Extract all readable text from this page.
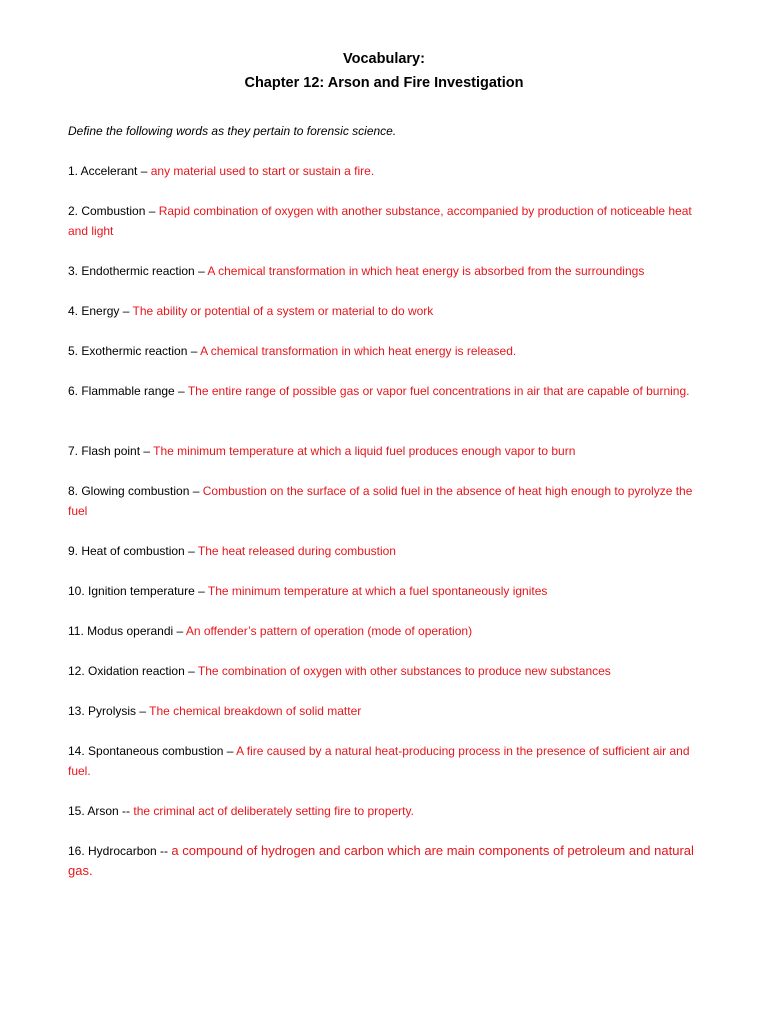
Vocabulary:
Chapter 12: Arson and Fire Investigation
Define the following words as they pertain to forensic science.
1. Accelerant – any material used to start or sustain a fire.
2. Combustion – Rapid combination of oxygen with another substance, accompanied by production of noticeable heat and light
3. Endothermic reaction – A chemical transformation in which heat energy is absorbed from the surroundings
4. Energy – The ability or potential of a system or material to do work
5. Exothermic reaction – A chemical transformation in which heat energy is released.
6. Flammable range – The entire range of possible gas or vapor fuel concentrations in air that are capable of burning.
7. Flash point – The minimum temperature at which a liquid fuel produces enough vapor to burn
8. Glowing combustion – Combustion on the surface of a solid fuel in the absence of heat high enough to pyrolyze the fuel
9. Heat of combustion – The heat released during combustion
10. Ignition temperature – The minimum temperature at which a fuel spontaneously ignites
11. Modus operandi – An offender’s pattern of operation (mode of operation)
12. Oxidation reaction – The combination of oxygen with other substances to produce new substances
13. Pyrolysis – The chemical breakdown of solid matter
14. Spontaneous combustion – A fire caused by a natural heat-producing process in the presence of sufficient air and fuel.
15. Arson -- the criminal act of deliberately setting fire to property.
16. Hydrocarbon -- a compound of hydrogen and carbon which are main components of petroleum and natural gas.
